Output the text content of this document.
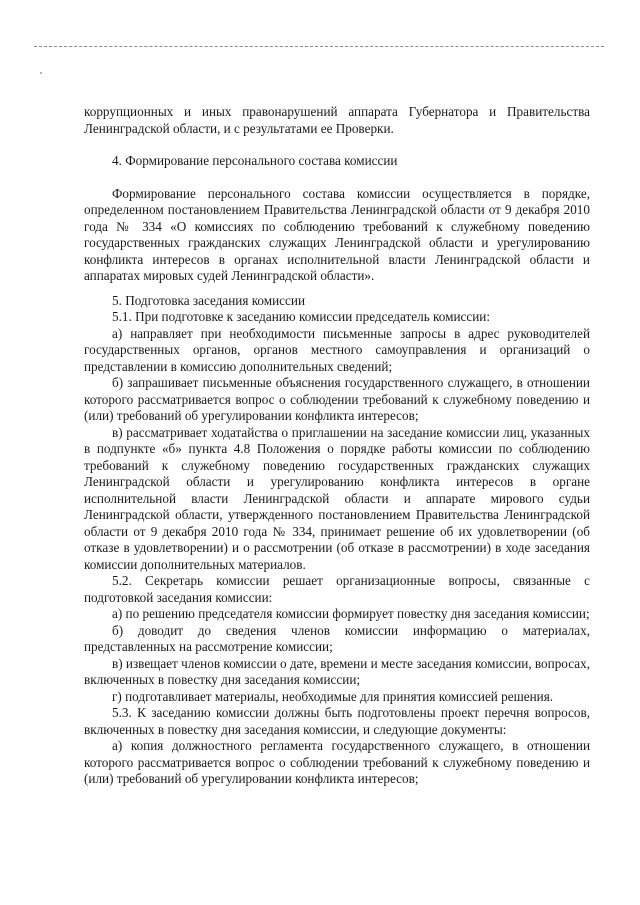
коррупционных и иных правонарушений аппарата Губернатора и Правительства Ленинградской области, и с результатами ее Проверки.

4. Формирование персонального состава комиссии

Формирование персонального состава комиссии осуществляется в порядке, определенном постановлением Правительства Ленинградской области от 9 декабря 2010 года № 334 «О комиссиях по соблюдению требований к служебному поведению государственных гражданских служащих Ленинградской области и урегулированию конфликта интересов в органах исполнительной власти Ленинградской области и аппаратах мировых судей Ленинградской области».

5. Подготовка заседания комиссии

5.1. При подготовке к заседанию комиссии председатель комиссии:

а) направляет при необходимости письменные запросы в адрес руководителей государственных органов, органов местного самоуправления и организаций о представлении в комиссию дополнительных сведений;

б) запрашивает письменные объяснения государственного служащего, в отношении которого рассматривается вопрос о соблюдении требований к служебному поведению и (или) требований об урегулировании конфликта интересов;

в) рассматривает ходатайства о приглашении на заседание комиссии лиц, указанных в подпункте «б» пункта 4.8 Положения о порядке работы комиссии по соблюдению требований к служебному поведению государственных гражданских служащих Ленинградской области и урегулированию конфликта интересов в органе исполнительной власти Ленинградской области и аппарате мирового судьи Ленинградской области, утвержденного постановлением Правительства Ленинградской области от 9 декабря 2010 года № 334, принимает решение об их удовлетворении (об отказе в удовлетворении) и о рассмотрении (об отказе в рассмотрении) в ходе заседания комиссии дополнительных материалов.

5.2. Секретарь комиссии решает организационные вопросы, связанные с подготовкой заседания комиссии:

а) по решению председателя комиссии формирует повестку дня заседания комиссии;

б) доводит до сведения членов комиссии информацию о материалах, представленных на рассмотрение комиссии;

в) извещает членов комиссии о дате, времени и месте заседания комиссии, вопросах, включенных в повестку дня заседания комиссии;

г) подготавливает материалы, необходимые для принятия комиссией решения.

5.3. К заседанию комиссии должны быть подготовлены проект перечня вопросов, включенных в повестку дня заседания комиссии, и следующие документы:

а) копия должностного регламента государственного служащего, в отношении которого рассматривается вопрос о соблюдении требований к служебному поведению и (или) требований об урегулировании конфликта интересов;
